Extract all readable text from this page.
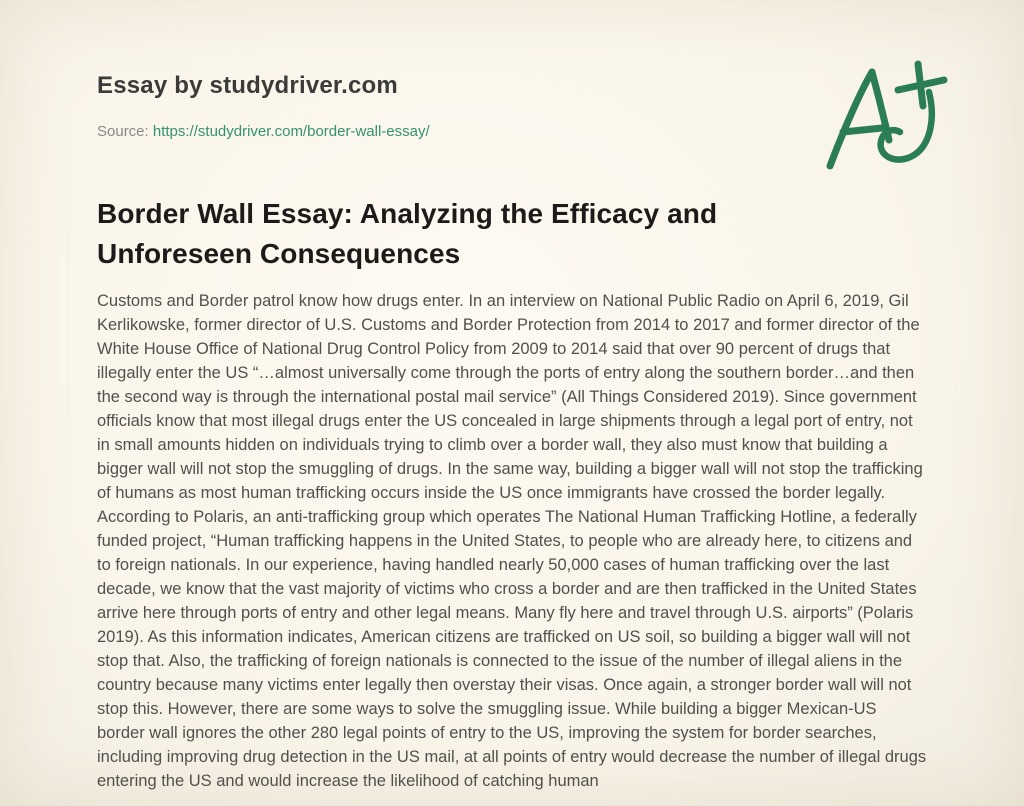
Essay by studydriver.com
Source: https://studydriver.com/border-wall-essay/
Border Wall Essay: Analyzing the Efficacy and Unforeseen Consequences

Customs and Border patrol know how drugs enter. In an interview on National Public Radio on April 6, 2019, Gil Kerlikowske, former director of U.S. Customs and Border Protection from 2014 to 2017 and former director of the White House Office of National Drug Control Policy from 2009 to 2014 said that over 90 percent of drugs that illegally enter the US “…almost universally come through the ports of entry along the southern border…and then the second way is through the international postal mail service” (All Things Considered 2019). Since government officials know that most illegal drugs enter the US concealed in large shipments through a legal port of entry, not in small amounts hidden on individuals trying to climb over a border wall, they also must know that building a bigger wall will not stop the smuggling of drugs. In the same way, building a bigger wall will not stop the trafficking of humans as most human trafficking occurs inside the US once immigrants have crossed the border legally. According to Polaris, an anti-trafficking group which operates The National Human Trafficking Hotline, a federally funded project, “Human trafficking happens in the United States, to people who are already here, to citizens and to foreign nationals. In our experience, having handled nearly 50,000 cases of human trafficking over the last decade, we know that the vast majority of victims who cross a border and are then trafficked in the United States arrive here through ports of entry and other legal means. Many fly here and travel through U.S. airports” (Polaris 2019). As this information indicates, American citizens are trafficked on US soil, so building a bigger wall will not stop that. Also, the trafficking of foreign nationals is connected to the issue of the number of illegal aliens in the country because many victims enter legally then overstay their visas. Once again, a stronger border wall will not stop this. However, there are some ways to solve the smuggling issue. While building a bigger Mexican-US border wall ignores the other 280 legal points of entry to the US, improving the system for border searches, including improving drug detection in the US mail, at all points of entry would decrease the number of illegal drugs entering the US and would increase the likelihood of catching human
